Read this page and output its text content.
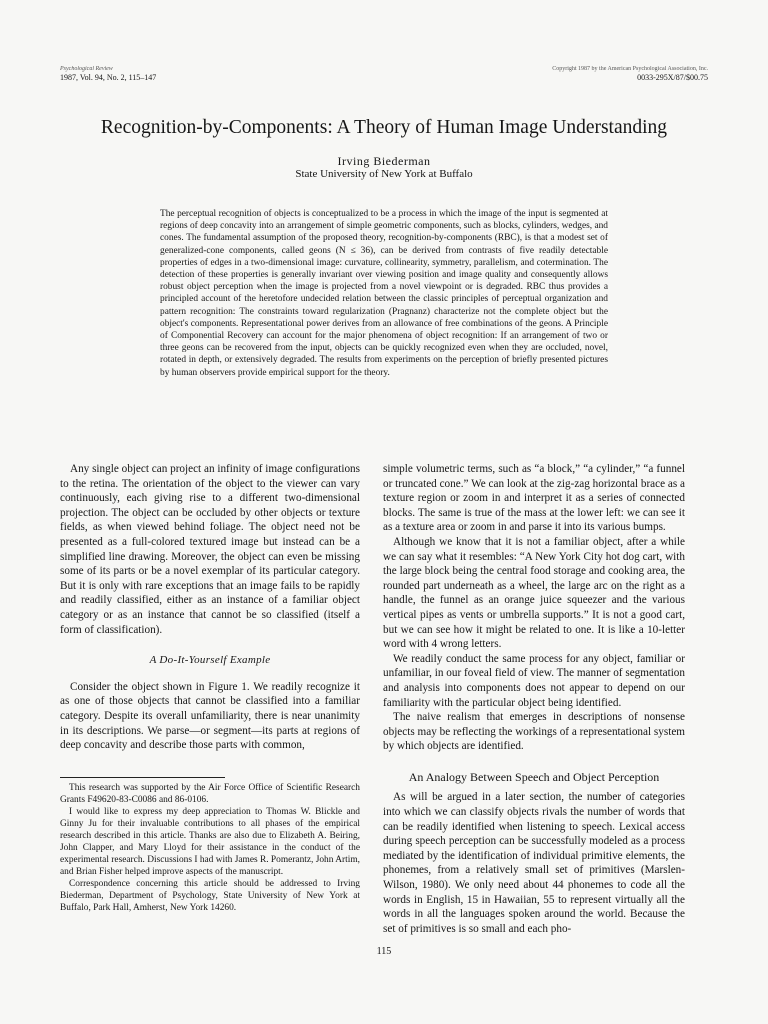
Psychological Review
1987, Vol. 94, No. 2, 115–147
Copyright 1987 by the American Psychological Association, Inc.
0033-295X/87/$00.75
Recognition-by-Components: A Theory of Human Image Understanding
Irving Biederman
State University of New York at Buffalo

The perceptual recognition of objects is conceptualized to be a process in which the image of the input is segmented at regions of deep concavity into an arrangement of simple geometric components, such as blocks, cylinders, wedges, and cones. The fundamental assumption of the proposed theory, recognition-by-components (RBC), is that a modest set of generalized-cone components, called geons (N ≤ 36), can be derived from contrasts of five readily detectable properties of edges in a two-dimensional image: curvature, collinearity, symmetry, parallelism, and cotermination. The detection of these properties is generally invariant over viewing position and image quality and consequently allows robust object perception when the image is projected from a novel viewpoint or is degraded. RBC thus provides a principled account of the heretofore undecided relation between the classic principles of perceptual organization and pattern recognition: The constraints toward regularization (Pragnanz) characterize not the complete object but the object's components. Representational power derives from an allowance of free combinations of the geons. A Principle of Componential Recovery can account for the major phenomena of object recognition: If an arrangement of two or three geons can be recovered from the input, objects can be quickly recognized even when they are occluded, novel, rotated in depth, or extensively degraded. The results from experiments on the perception of briefly presented pictures by human observers provide empirical support for the theory.

Any single object can project an infinity of image configurations to the retina. The orientation of the object to the viewer can vary continuously, each giving rise to a different two-dimensional projection. The object can be occluded by other objects or texture fields, as when viewed behind foliage. The object need not be presented as a full-colored textured image but instead can be a simplified line drawing. Moreover, the object can even be missing some of its parts or be a novel exemplar of its particular category. But it is only with rare exceptions that an image fails to be rapidly and readily classified, either as an instance of a familiar object category or as an instance that cannot be so classified (itself a form of classification).

A Do-It-Yourself Example

Consider the object shown in Figure 1. We readily recognize it as one of those objects that cannot be classified into a familiar category. Despite its overall unfamiliarity, there is near unanimity in its descriptions. We parse—or segment—its parts at regions of deep concavity and describe those parts with common,

This research was supported by the Air Force Office of Scientific Research Grants F49620-83-C0086 and 86-0106.

I would like to express my deep appreciation to Thomas W. Blickle and Ginny Ju for their invaluable contributions to all phases of the empirical research described in this article. Thanks are also due to Elizabeth A. Beiring, John Clapper, and Mary Lloyd for their assistance in the conduct of the experimental research. Discussions I had with James R. Pomerantz, John Artim, and Brian Fisher helped improve aspects of the manuscript.

Correspondence concerning this article should be addressed to Irving Biederman, Department of Psychology, State University of New York at Buffalo, Park Hall, Amherst, New York 14260.

simple volumetric terms, such as “a block,” “a cylinder,” “a funnel or truncated cone.” We can look at the zig-zag horizontal brace as a texture region or zoom in and interpret it as a series of connected blocks. The same is true of the mass at the lower left: we can see it as a texture area or zoom in and parse it into its various bumps.

Although we know that it is not a familiar object, after a while we can say what it resembles: “A New York City hot dog cart, with the large block being the central food storage and cooking area, the rounded part underneath as a wheel, the large arc on the right as a handle, the funnel as an orange juice squeezer and the various vertical pipes as vents or umbrella supports.” It is not a good cart, but we can see how it might be related to one. It is like a 10-letter word with 4 wrong letters.

We readily conduct the same process for any object, familiar or unfamiliar, in our foveal field of view. The manner of segmentation and analysis into components does not appear to depend on our familiarity with the particular object being identified.

The naive realism that emerges in descriptions of nonsense objects may be reflecting the workings of a representational system by which objects are identified.

An Analogy Between Speech and Object Perception

As will be argued in a later section, the number of categories into which we can classify objects rivals the number of words that can be readily identified when listening to speech. Lexical access during speech perception can be successfully modeled as a process mediated by the identification of individual primitive elements, the phonemes, from a relatively small set of primitives (Marslen-Wilson, 1980). We only need about 44 phonemes to code all the words in English, 15 in Hawaiian, 55 to represent virtually all the words in all the languages spoken around the world. Because the set of primitives is so small and each pho-

115
